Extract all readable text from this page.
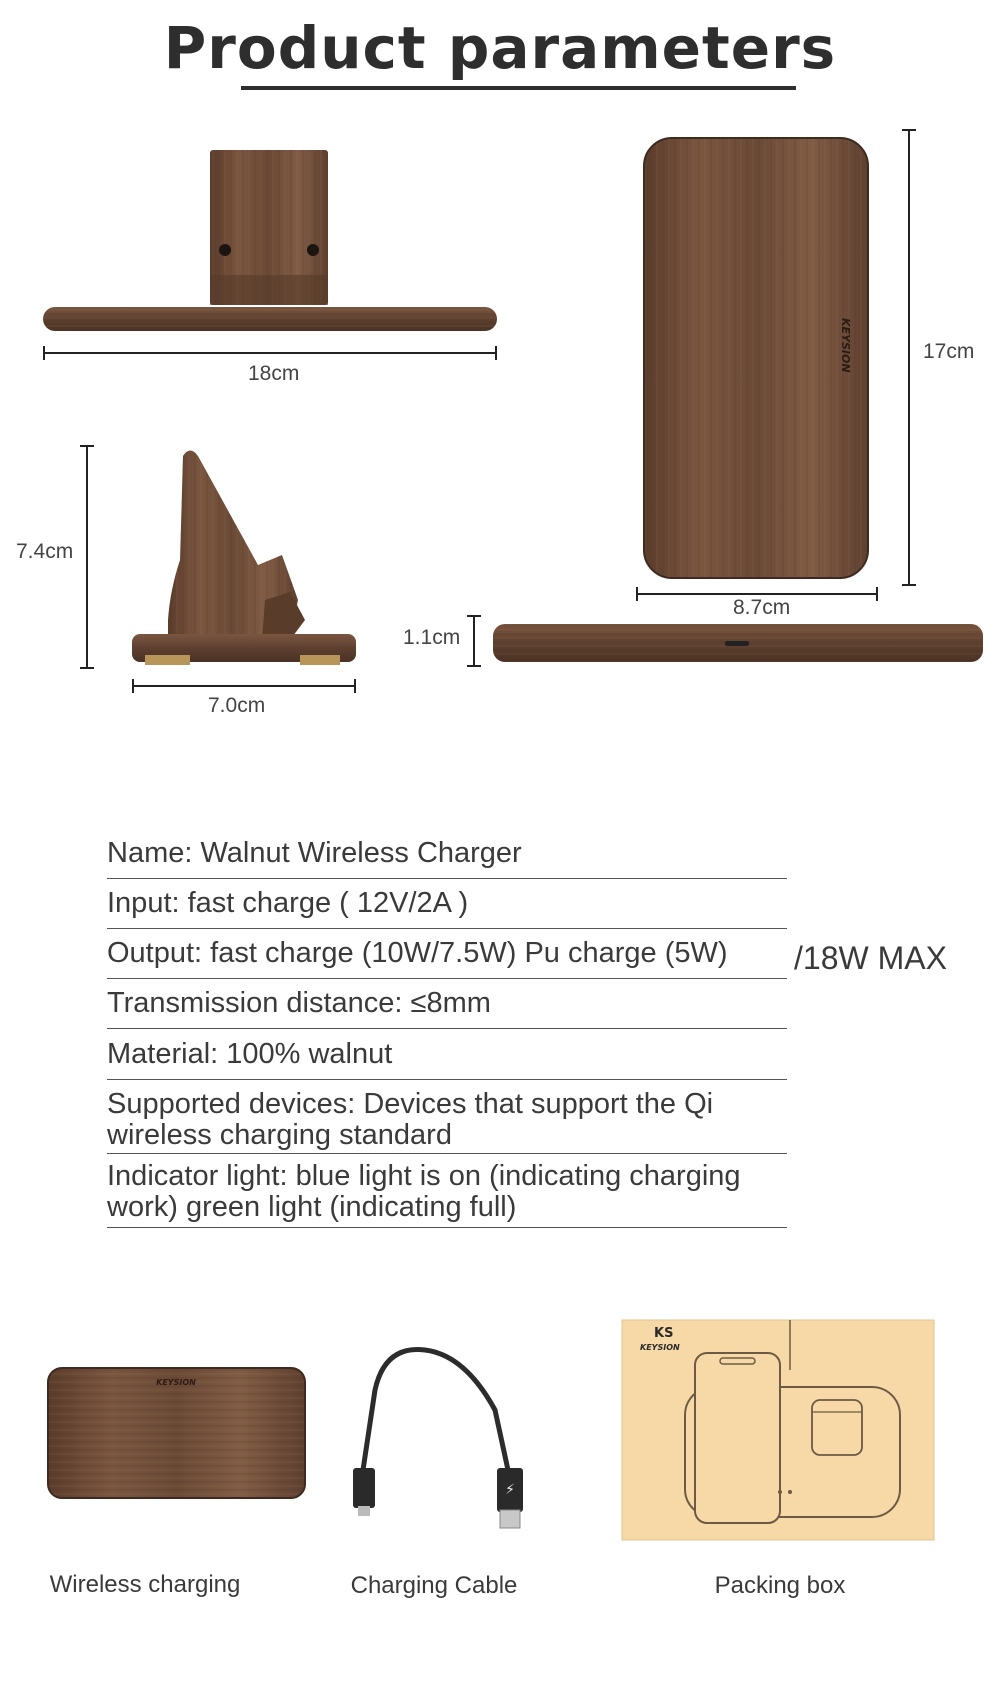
Product parameters
KEYSION
KEYSION
⚡
KS
KEYSION
18cm
17cm
8.7cm
1.1cm
7.4cm
7.0cm
Name: Walnut Wireless Charger
Input: fast charge ( 12V/2A )
Output: fast charge (10W/7.5W) Pu charge (5W)	/18W MAX
Transmission distance: ≤8mm
Material: 100% walnut
Supported devices: Devices that support the Qi wireless charging standard
Indicator light: blue light is on (indicating charging work) green light (indicating full)
Wireless charging	Charging Cable	Packing box
